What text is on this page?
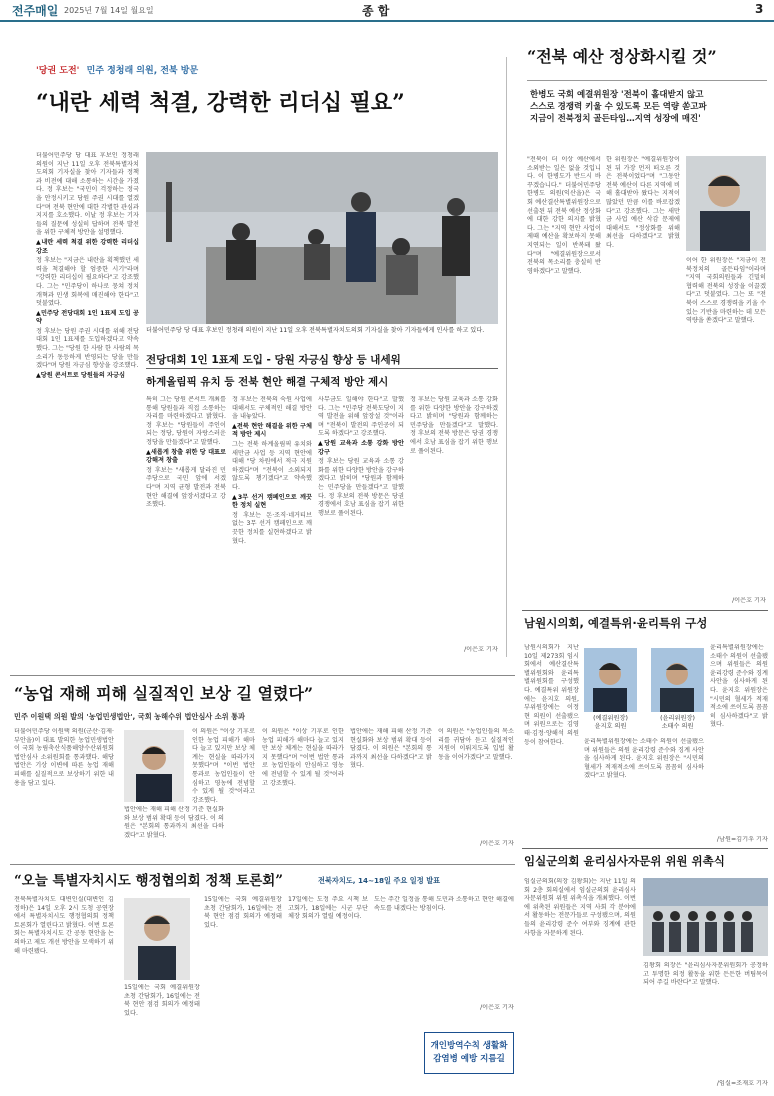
전주매일 2025년 7월 14일 월요일	종 합	3
'당권 도전' 민주 정청래 의원, 전북 방문
“내란 세력 척결, 강력한 리더십 필요”

더불어민주당 당 대표 후보인 정청래 의원이 지난 11일 오후 전북특별자치도의회 기자실을 찾아 기자들과 정책과 비전에 대해 소통하는 시간을 가졌다. 정 후보는 "국민이 걱정하는 정국을 안정시키고 당원 주권 시대를 열겠다"며 전북 현안에 대한 각별한 관심과 지지를 호소했다. 이날 정 후보는 기자들의 질문에 성실히 답하며 전북 발전을 위한 구체적 방안을 설명했다.

▲내란 세력 척결 위한 강력한 리더십 강조

정 후보는 "지금은 내란을 획책했던 세력을 척결해야 할 엄중한 시기"라며 "강력한 리더십이 필요하다"고 강조했다. 그는 "민주당이 하나로 뭉쳐 정치개혁과 민생 회복에 매진해야 한다"고 덧붙였다.

▲민주당 전당대회 1인 1표제 도입 공약

정 후보는 당원 주권 시대를 위해 전당대회 1인 1표제를 도입하겠다고 약속했다. 그는 "당원 한 사람 한 사람의 목소리가 동등하게 반영되는 당을 만들겠다"며 당원 자긍심 향상을 강조했다.

▲당원 콘서트로 당원들의 자긍심

더불어민주당 당 대표 후보인 정청래 의원이 지난 11일 오후 전북특별자치도의회 기자실을 찾아 기자들에게 인사를 하고 있다.
전당대회 1인 1표제 도입 - 당원 자긍심 향상 등 내세워
하계올림픽 유치 등 전북 현안 해결 구체적 방안 제시

특히 그는 당원 콘서트 개최를 통해 당원들과 직접 소통하는 자리를 마련하겠다고 밝혔다. 정 후보는 "당원들이 주인이 되는 정당, 당원이 자랑스러운 정당을 만들겠다"고 말했다.

▲새롭게 창출 위한 당 대표로 강해져 창출

정 후보는 "새롭게 달라진 민주당으로 국민 앞에 서겠다"며 지역 균형 발전과 전북 현안 해결에 앞장서겠다고 강조했다.

정 후보는 전북의 숙원 사업에 대해서도 구체적인 해결 방안을 내놓았다.

▲전북 현안 해결을 위한 구체적 방안 제시

그는 전북 하계올림픽 유치와 새만금 사업 등 지역 현안에 대해 "당 차원에서 적극 지원하겠다"며 "전북이 소외되지 않도록 챙기겠다"고 약속했다.

▲3무 선거 캠페인으로 깨끗한 정치 실현

정 후보는 돈·조직·네거티브 없는 3무 선거 캠페인으로 깨끗한 정치를 실현하겠다고 밝혔다.

사무금도 일해야 한다"고 말했다. 그는 "민주당 전북도당이 지역 발전을 위해 앞장설 것"이라며 "전북이 발전의 주인공이 되도록 하겠다"고 강조했다.

▲당원 교육과 소통 강화 방안 강구

정 후보는 당원 교육과 소통 강화를 위한 다양한 방안을 강구하겠다고 밝히며 "당원과 함께하는 민주당을 만들겠다"고 말했다. 정 후보의 전북 방문은 당권 경쟁에서 호남 표심을 잡기 위한 행보로 풀이된다.

정 후보는 당원 교육과 소통 강화를 위한 다양한 방안을 강구하겠다고 밝히며 "당원과 함께하는 민주당을 만들겠다"고 말했다. 정 후보의 전북 방문은 당권 경쟁에서 호남 표심을 잡기 위한 행보로 풀이된다.

/이은호 기자
“전북 예산 정상화시킬 것”
한병도 국회 예결위원장 '전북이 홀대받지 않고
스스로 경쟁력 키울 수 있도록 모든 역량 쏟고파
지금이 전북정치 골든타임…지역 성장에 매진'
"전북이 더 이상 예산에서 소외받는 일은 없을 것입니다. 이 한병도가 반드시 바꾸겠습니다." 더불어민주당 한병도 의원(익산을)은 국회 예산결산특별위원장으로 선출된 뒤 전북 예산 정상화에 대한 강한 의지를 밝혔다. 그는 "지역 현안 사업이 제때 예산을 확보하지 못해 지연되는 일이 반복돼 왔다"며 "예결위원장으로서 전북의 목소리를 충실히 반영하겠다"고 말했다.
한 위원장은 "예결위원장이 된 뒤 가장 먼저 떠오른 것은 전북이었다"며 "그동안 전북 예산이 다른 지역에 비해 홀대받아 왔다는 지적이 많았던 만큼 이를 바로잡겠다"고 강조했다. 그는 새만금 사업 예산 삭감 문제에 대해서도 "정상화를 위해 최선을 다하겠다"고 밝혔다.
이어 한 위원장은 "지금이 전북정치의 골든타임"이라며 "지역 국회의원들과 긴밀히 협력해 전북의 성장을 이끌겠다"고 덧붙였다. 그는 또 "전북이 스스로 경쟁력을 키울 수 있는 기반을 마련하는 데 모든 역량을 쏟겠다"고 말했다.
/이은호 기자
남원시의회, 예결특위·윤리특위 구성
남원시의회가 지난 10일 제273회 임시회에서 예산결산특별위원회와 윤리특별위원회를 구성했다. 예결특위 위원장에는 윤지호 의원, 부위원장에는 이정현 의원이 선출됐으며 위원으로는 김영태·김정·양해석 의원 등이 참여한다.
(예결위원장)
윤지호 의원
(윤리위원장)
소태수 의원
윤리특별위원장에는 소태수 의원이 선출됐으며 위원들은 의원 윤리강령 준수와 징계 사안을 심사하게 된다. 윤지호 위원장은 "시민의 혈세가 적재적소에 쓰이도록 꼼꼼히 심사하겠다"고 밝혔다.
윤리특별위원장에는 소태수 의원이 선출됐으며 위원들은 의원 윤리강령 준수와 징계 사안을 심사하게 된다. 윤지호 위원장은 "시민의 혈세가 적재적소에 쓰이도록 꼼꼼히 심사하겠다"고 밝혔다.
/남원=김기우 기자
임실군의회 윤리심사자문위 위원 위촉식
임실군의회(의장 김왕회)는 지난 11일 의회 2층 회의실에서 임실군의회 윤리심사자문위원회 위원 위촉식을 개최했다. 이번에 위촉된 위원들은 지역 사회 각 분야에서 활동하는 전문가들로 구성됐으며, 의원들의 윤리강령 준수 여부와 징계에 관한 사항을 자문하게 된다.
김왕회 의장은 "윤리심사자문위원회가 공정하고 투명한 의정 활동을 위한 든든한 버팀목이 되어 주길 바란다"고 말했다.
/임실=조재호 기자
“농업 재해 피해 실질적인 보상 길 열렸다”
민주 이원택 의원 발의 '농업민생법안', 국회 농해수위 법안심사 소위 통과
더불어민주당 이원택 의원(군산·김제·부안을)이 대표 발의한 농업민생법안이 국회 농림축산식품해양수산위원회 법안심사 소위원회를 통과했다. 해당 법안은 기상 이변에 따른 농업 재해 피해를 실질적으로 보상하기 위한 내용을 담고 있다.
법안에는 재해 피해 산정 기준 현실화와 보상 범위 확대 등이 담겼다. 이 의원은 "본회의 통과까지 최선을 다하겠다"고 밝혔다.
이 의원은 "이상 기후로 인한 농업 피해가 해마다 늘고 있지만 보상 체계는 현실을 따라가지 못했다"며 "이번 법안 통과로 농업인들이 안심하고 영농에 전념할 수 있게 될 것"이라고 강조했다.
이 의원은 "이상 기후로 인한 농업 피해가 해마다 늘고 있지만 보상 체계는 현실을 따라가지 못했다"며 "이번 법안 통과로 농업인들이 안심하고 영농에 전념할 수 있게 될 것"이라고 강조했다.
법안에는 재해 피해 산정 기준 현실화와 보상 범위 확대 등이 담겼다. 이 의원은 "본회의 통과까지 최선을 다하겠다"고 밝혔다.
이 의원은 "농업인들의 목소리를 귀담아 듣고 실질적인 지원이 이뤄지도록 입법 활동을 이어가겠다"고 말했다.
/이은호 기자
“오늘 특별자치시도 행정협의회 정책 토론회”	전북자치도, 14~18일 주요 일정 발표
전북특별자치도 대변인실(대변인 김정하)은 14일 오후 2시 도청 공연장에서 특별자치시도 행정협의회 정책 토론회가 열린다고 밝혔다. 이번 토론회는 특별자치시도 간 공동 현안을 논의하고 제도 개선 방안을 모색하기 위해 마련됐다.
15일에는 국회 예결위원장 초청 간담회가, 16일에는 전북 현안 점검 회의가 예정돼 있다.
15일에는 국회 예결위원장 초청 간담회가, 16일에는 전북 현안 점검 회의가 예정돼 있다.
17일에는 도정 주요 시책 보고회가, 18일에는 시군 부단체장 회의가 열릴 예정이다.
도는 주간 일정을 통해 도민과 소통하고 현안 해결에 속도를 내겠다는 방침이다.
/이은호 기자
개인방역수칙 생활화
감염병 예방 지름길
